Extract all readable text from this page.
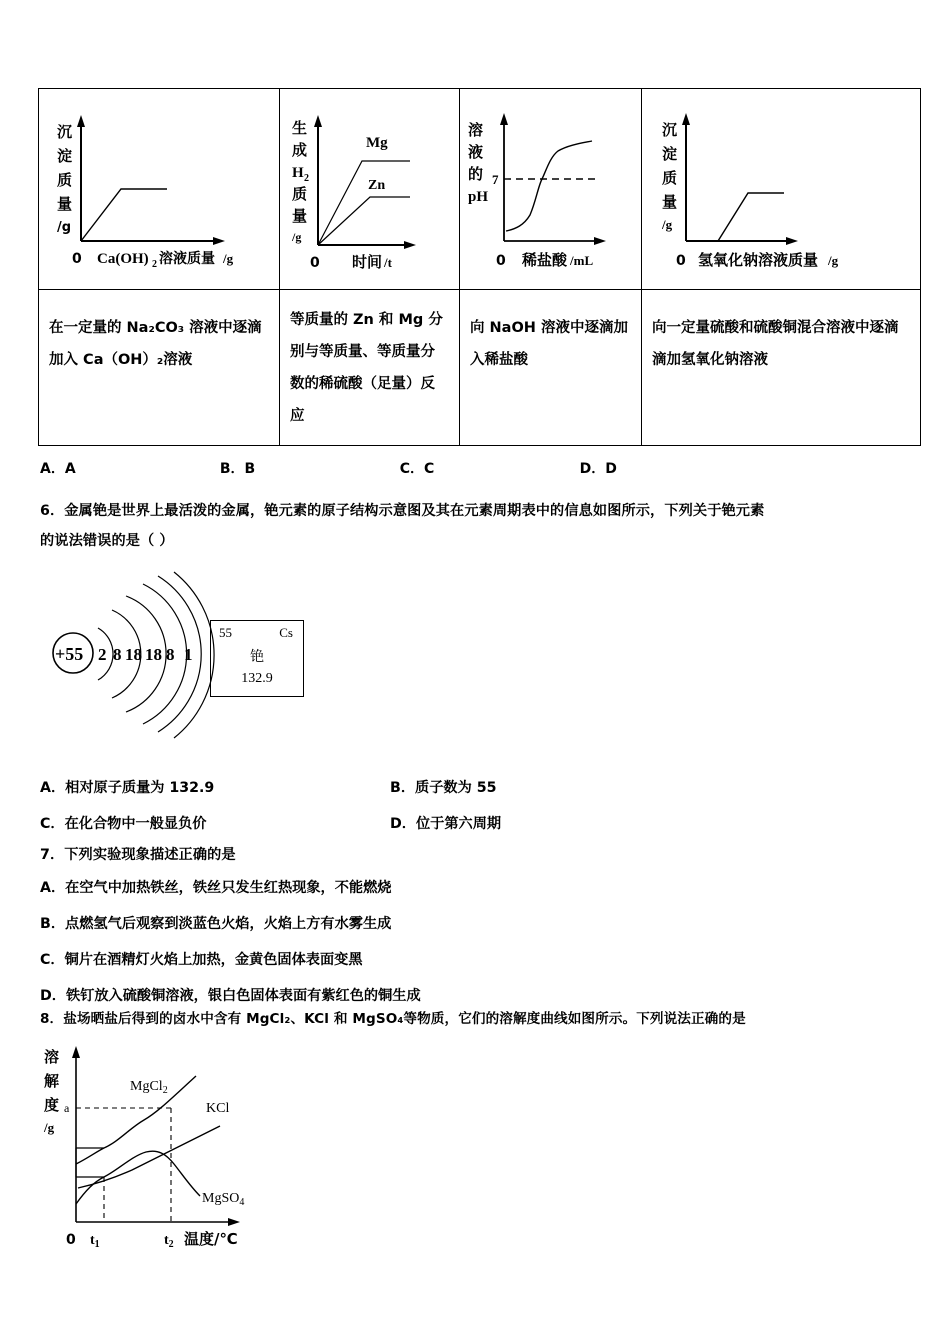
沉
淀
质
量
/g
0 Ca(OH) 2 溶液质量 /g

生
成
H 2
质
量
/g
Mg
Zn
0 时间 /t

溶
液
的
pH
7
0 稀盐酸 /mL

沉
淀
质
量
/g
0 氢氧化钠溶液质量 /g

在一定量的 Na₂CO₃ 溶液中逐滴加入 Ca（OH）₂溶液	等质量的 Zn 和 Mg 分别与等质量、等质量分数的稀硫酸（足量）反应	向 NaOH 溶液中逐滴加入稀盐酸	向一定量硫酸和硫酸铜混合溶液中逐滴滴加氢氧化钠溶液
A．A	B．B	C．C	D．D
6．金属铯是世界上最活泼的金属，铯元素的原子结构示意图及其在元素周期表中的信息如图所示，下列关于铯元素
的说法错误的是（ ）
+55 2 8 18 18 8 1
55	Cs
铯
132.9
A．相对原子质量为 132.9	B．质子数为 55
C．在化合物中一般显负价	D．位于第六周期
7．下列实验现象描述正确的是
A．在空气中加热铁丝，铁丝只发生红热现象，不能燃烧
B．点燃氢气后观察到淡蓝色火焰，火焰上方有水雾生成
C．铜片在酒精灯火焰上加热，金黄色固体表面变黑
D．铁钉放入硫酸铜溶液，银白色固体表面有紫红色的铜生成
8．盐场晒盐后得到的卤水中含有 MgCl₂、KCl 和 MgSO₄等物质，它们的溶解度曲线如图所示。下列说法正确的是
溶
解
度
/g
a
MgCl$_2$
KCl
MgSO$_4$
0 $t_1$	$t_2$ 温度/℃
